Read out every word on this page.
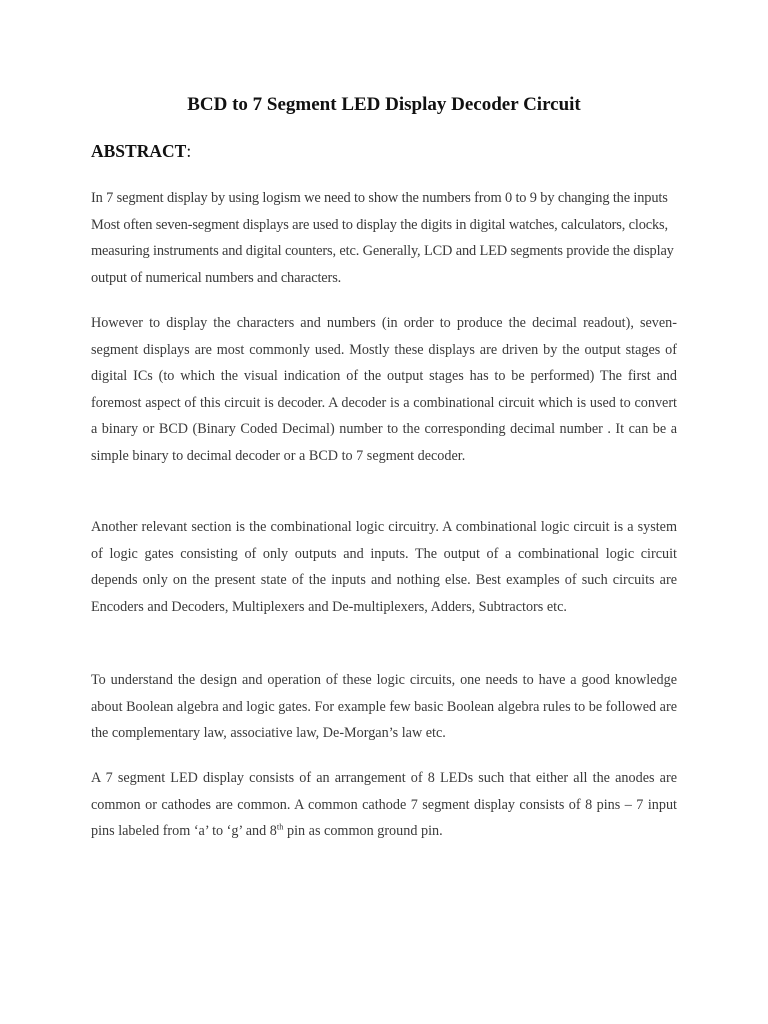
BCD to 7 Segment LED Display Decoder Circuit
ABSTRACT:

In 7 segment display by using logism we need to show the numbers from 0 to 9 by changing the inputs Most often seven-segment displays are used to display the digits in digital watches, calculators, clocks, measuring instruments and digital counters, etc. Generally, LCD and LED segments provide the display output of numerical numbers and characters.

However to display the characters and numbers (in order to produce the decimal readout), seven-segment displays are most commonly used. Mostly these displays are driven by the output stages of digital ICs (to which the visual indication of the output stages has to be performed) The first and foremost aspect of this circuit is decoder. A decoder is a combinational circuit which is used to convert a binary or BCD (Binary Coded Decimal) number to the corresponding decimal number . It can be a simple binary to decimal decoder or a BCD to 7 segment decoder.

Another relevant section is the combinational logic circuitry. A combinational logic circuit is a system of logic gates consisting of only outputs and inputs. The output of a combinational logic circuit depends only on the present state of the inputs and nothing else. Best examples of such circuits are Encoders and Decoders, Multiplexers and De-multiplexers, Adders, Subtractors etc.

To understand the design and operation of these logic circuits, one needs to have a good knowledge about Boolean algebra and logic gates. For example few basic Boolean algebra rules to be followed are the complementary law, associative law, De-Morgan’s law etc.

A 7 segment LED display consists of an arrangement of 8 LEDs such that either all the anodes are common or cathodes are common. A common cathode 7 segment display consists of 8 pins – 7 input pins labeled from ‘a’ to ‘g’ and 8th pin as common ground pin.
